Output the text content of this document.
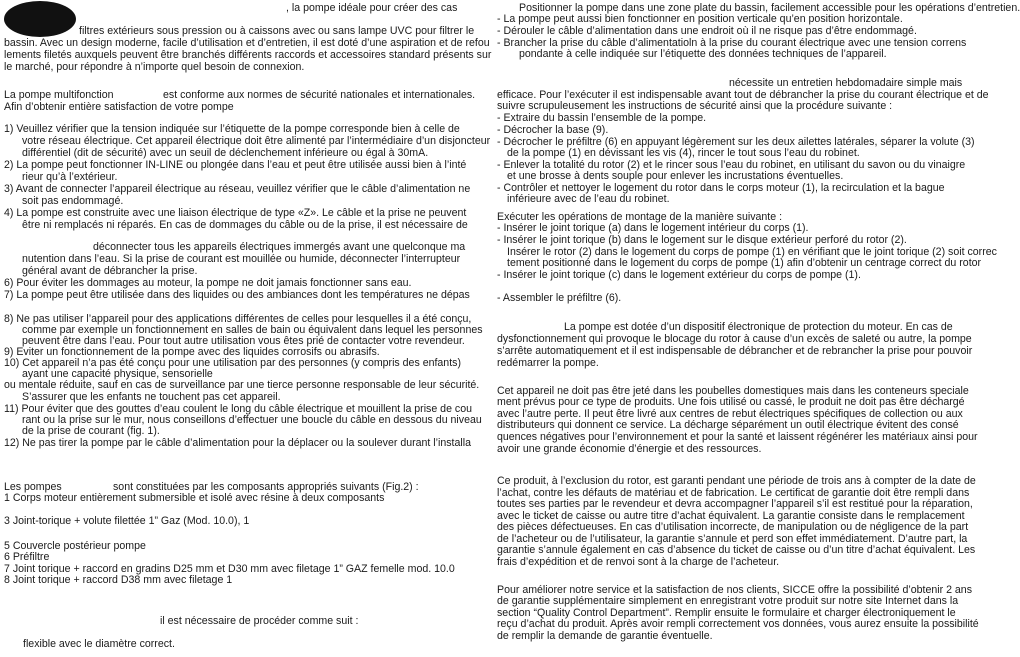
, la pompe idéale pour créer des cas
filtres extérieurs sous pression ou à caissons avec ou sans lampe UVC pour filtrer le
bassin. Avec un design moderne, facile d’utilisation et d’entretien, il est doté d’une aspiration et de refou
lements filetés auxquels peuvent être branchés différents raccords et accessoires standard présents sur
le marché, pour répondre à n’importe quel besoin de connexion.
La pompe multifonction	est conforme aux normes de sécurité nationales et internationales.
Afin d’obtenir entière satisfaction de votre pompe
1) Veuillez vérifier que la tension indiquée sur l’étiquette de la pompe corresponde bien à celle de
votre réseau électrique. Cet appareil électrique doit être alimenté par l’intermédiaire d’un disjoncteur
différentiel (dit de sécurité) avec un seuil de déclenchement inférieure ou égal à 30mA.
2) La pompe peut fonctionner IN-LINE ou plongée dans l’eau et peut être utilisée aussi bien à l’inté
rieur qu’à l’extérieur.
3) Avant de connecter l’appareil électrique au réseau, veuillez vérifier que le câble d’alimentation ne
soit pas endommagé.
4) La pompe est construite avec une liaison électrique de type «Z». Le câble et la prise ne peuvent
être ni remplacés ni réparés. En cas de dommages du câble ou de la prise, il est nécessaire de
déconnecter tous les appareils électriques immergés avant une quelconque ma
nutention dans l’eau. Si la prise de courant est mouillée ou humide, déconnecter l’interrupteur
général avant de débrancher la prise.
6) Pour éviter les dommages au moteur, la pompe ne doit jamais fonctionner sans eau.
7) La pompe peut être utilisée dans des liquides ou des ambiances dont les températures ne dépas
8) Ne pas utiliser l’appareil pour des applications différentes de celles pour lesquelles il a été conçu,
comme par exemple un fonctionnement en salles de bain ou équivalent dans lequel les personnes
peuvent être dans l’eau. Pour tout autre utilisation vous êtes prié de contacter votre revendeur.
9) Eviter un fonctionnement de la pompe avec des liquides corrosifs ou abrasifs.
10) Cet appareil n’a pas été conçu pour une utilisation par des personnes (y compris des enfants)
ayant une capacité physique, sensorielle
ou mentale réduite, sauf en cas de surveillance par une tierce personne responsable de leur sécurité.
S’assurer que les enfants ne touchent pas cet appareil.
11) Pour éviter que des gouttes d’eau coulent le long du câble électrique et mouillent la prise de cou
rant ou la prise sur le mur, nous conseillons d’effectuer une boucle du câble en dessous du niveau
de la prise de courant (fig. 1).
12) Ne pas tirer la pompe par le câble d’alimentation pour la déplacer ou la soulever durant l’installa
Les pompes	sont constituées par les composants appropriés suivants (Fig.2) :
1 Corps moteur entièrement submersible et isolé avec résine à deux composants
3 Joint-torique + volute filettée 1” Gaz (Mod. 10.0), 1
5 Couvercle postérieur pompe
6 Préfiltre
7 Joint torique + raccord en gradins D25 mm et D30 mm avec filetage 1” GAZ femelle mod. 10.0
8 Joint torique + raccord D38 mm avec filetage 1
il est nécessaire de procéder comme suit :
flexible avec le diamètre correct.
Positionner la pompe dans une zone plate du bassin, facilement accessible pour les opérations d’entretien.
- La pompe peut aussi bien fonctionner en position verticale qu’en position horizontale.
- Dérouler le câble d’alimentation dans une endroit où il ne risque pas d’être endommagé.
- Brancher la prise du câble d’alimentatioln à la prise du courant électrique avec une tension correns
pondante à celle indiquée sur l’étiquette des données techniques de l’appareil.
nécessite un entretien hebdomadaire simple mais
efficace. Pour l’exécuter il est indispensable avant tout de débrancher la prise du courant électrique et de
suivre scrupuleusement les instructions de sécurité ainsi que la procédure suivante :
- Extraire du bassin l’ensemble de la pompe.
- Décrocher la base (9).
- Décrocher le préfiltre (6) en appuyant légèrement sur les deux ailettes latérales, séparer la volute (3)
de la pompe (1) en dévissant les vis (4), rincer le tout sous l’eau du robinet.
- Enlever la totalité du rotor (2) et le rincer sous l’eau du robinet, en utilisant du savon ou du vinaigre
et une brosse à dents souple pour enlever les incrustations éventuelles.
- Contrôler et nettoyer le logement du rotor dans le corps moteur (1), la recirculation et la bague
inférieure avec de l’eau du robinet.
Exécuter les opérations de montage de la manière suivante :
- Insérer le joint torique (a) dans le logement intérieur du corps (1).
- Insérer le joint torique (b) dans le logement sur le disque extérieur perforé du rotor (2).
Insérer le rotor (2) dans le logement du corps de pompe (1) en vérifiant que le joint torique (2) soit correc
tement positionné dans le logement du corps de pompe (1) afin d’obtenir un centrage correct du rotor
- Insérer le joint torique (c) dans le logement extérieur du corps de pompe (1).
- Assembler le préfiltre (6).
La pompe est dotée d’un dispositif électronique de protection du moteur. En cas de
dysfonctionnement qui provoque le blocage du rotor à cause d’un excès de saleté ou autre, la pompe
s’arrête automatiquement et il est indispensable de débrancher et de rebrancher la prise pour pouvoir
redémarrer la pompe.
Cet appareil ne doit pas être jeté dans les poubelles domestiques mais dans les conteneurs speciale
ment prévus pour ce type de produits. Une fois utilisé ou cassé, le produit ne doit pas être déchargé
avec l’autre perte. Il peut être livré aux centres de rebut électriques spécifiques de collection ou aux
distributeurs qui donnent ce service. La décharge séparément un outil électrique évitent des consé
quences négatives pour l’environnement et pour la santé et laissent régénérer les matériaux ainsi pour
avoir une grande économie d’énergie et des ressources.
Ce produit, à l’exclusion du rotor, est garanti pendant une période de trois ans à compter de la date de
l’achat, contre les défauts de matériau et de fabrication. Le certificat de garantie doit être rempli dans
toutes ses parties par le revendeur et devra accompagner l’appareil s’il est restitué pour la réparation,
avec le ticket de caisse ou autre titre d’achat équivalent. La garantie consiste dans le remplacement
des pièces défectueuses. En cas d’utilisation incorrecte, de manipulation ou de négligence de la part
de l’acheteur ou de l’utilisateur, la garantie s’annule et perd son effet immédiatement. D’autre part, la
garantie s’annule également en cas d’absence du ticket de caisse ou d’un titre d’achat équivalent. Les
frais d’expédition et de renvoi sont à la charge de l’acheteur.
Pour améliorer notre service et la satisfaction de nos clients, SICCE offre la possibilité d’obtenir 2 ans
de garantie supplémentaire simplement en enregistrant votre produit sur notre site Internet dans la
section “Quality Control Department”. Remplir ensuite le formulaire et charger électroniquement le
reçu d’achat du produit. Après avoir rempli correctement vos données, vous aurez ensuite la possibilité
de remplir la demande de garantie éventuelle.
